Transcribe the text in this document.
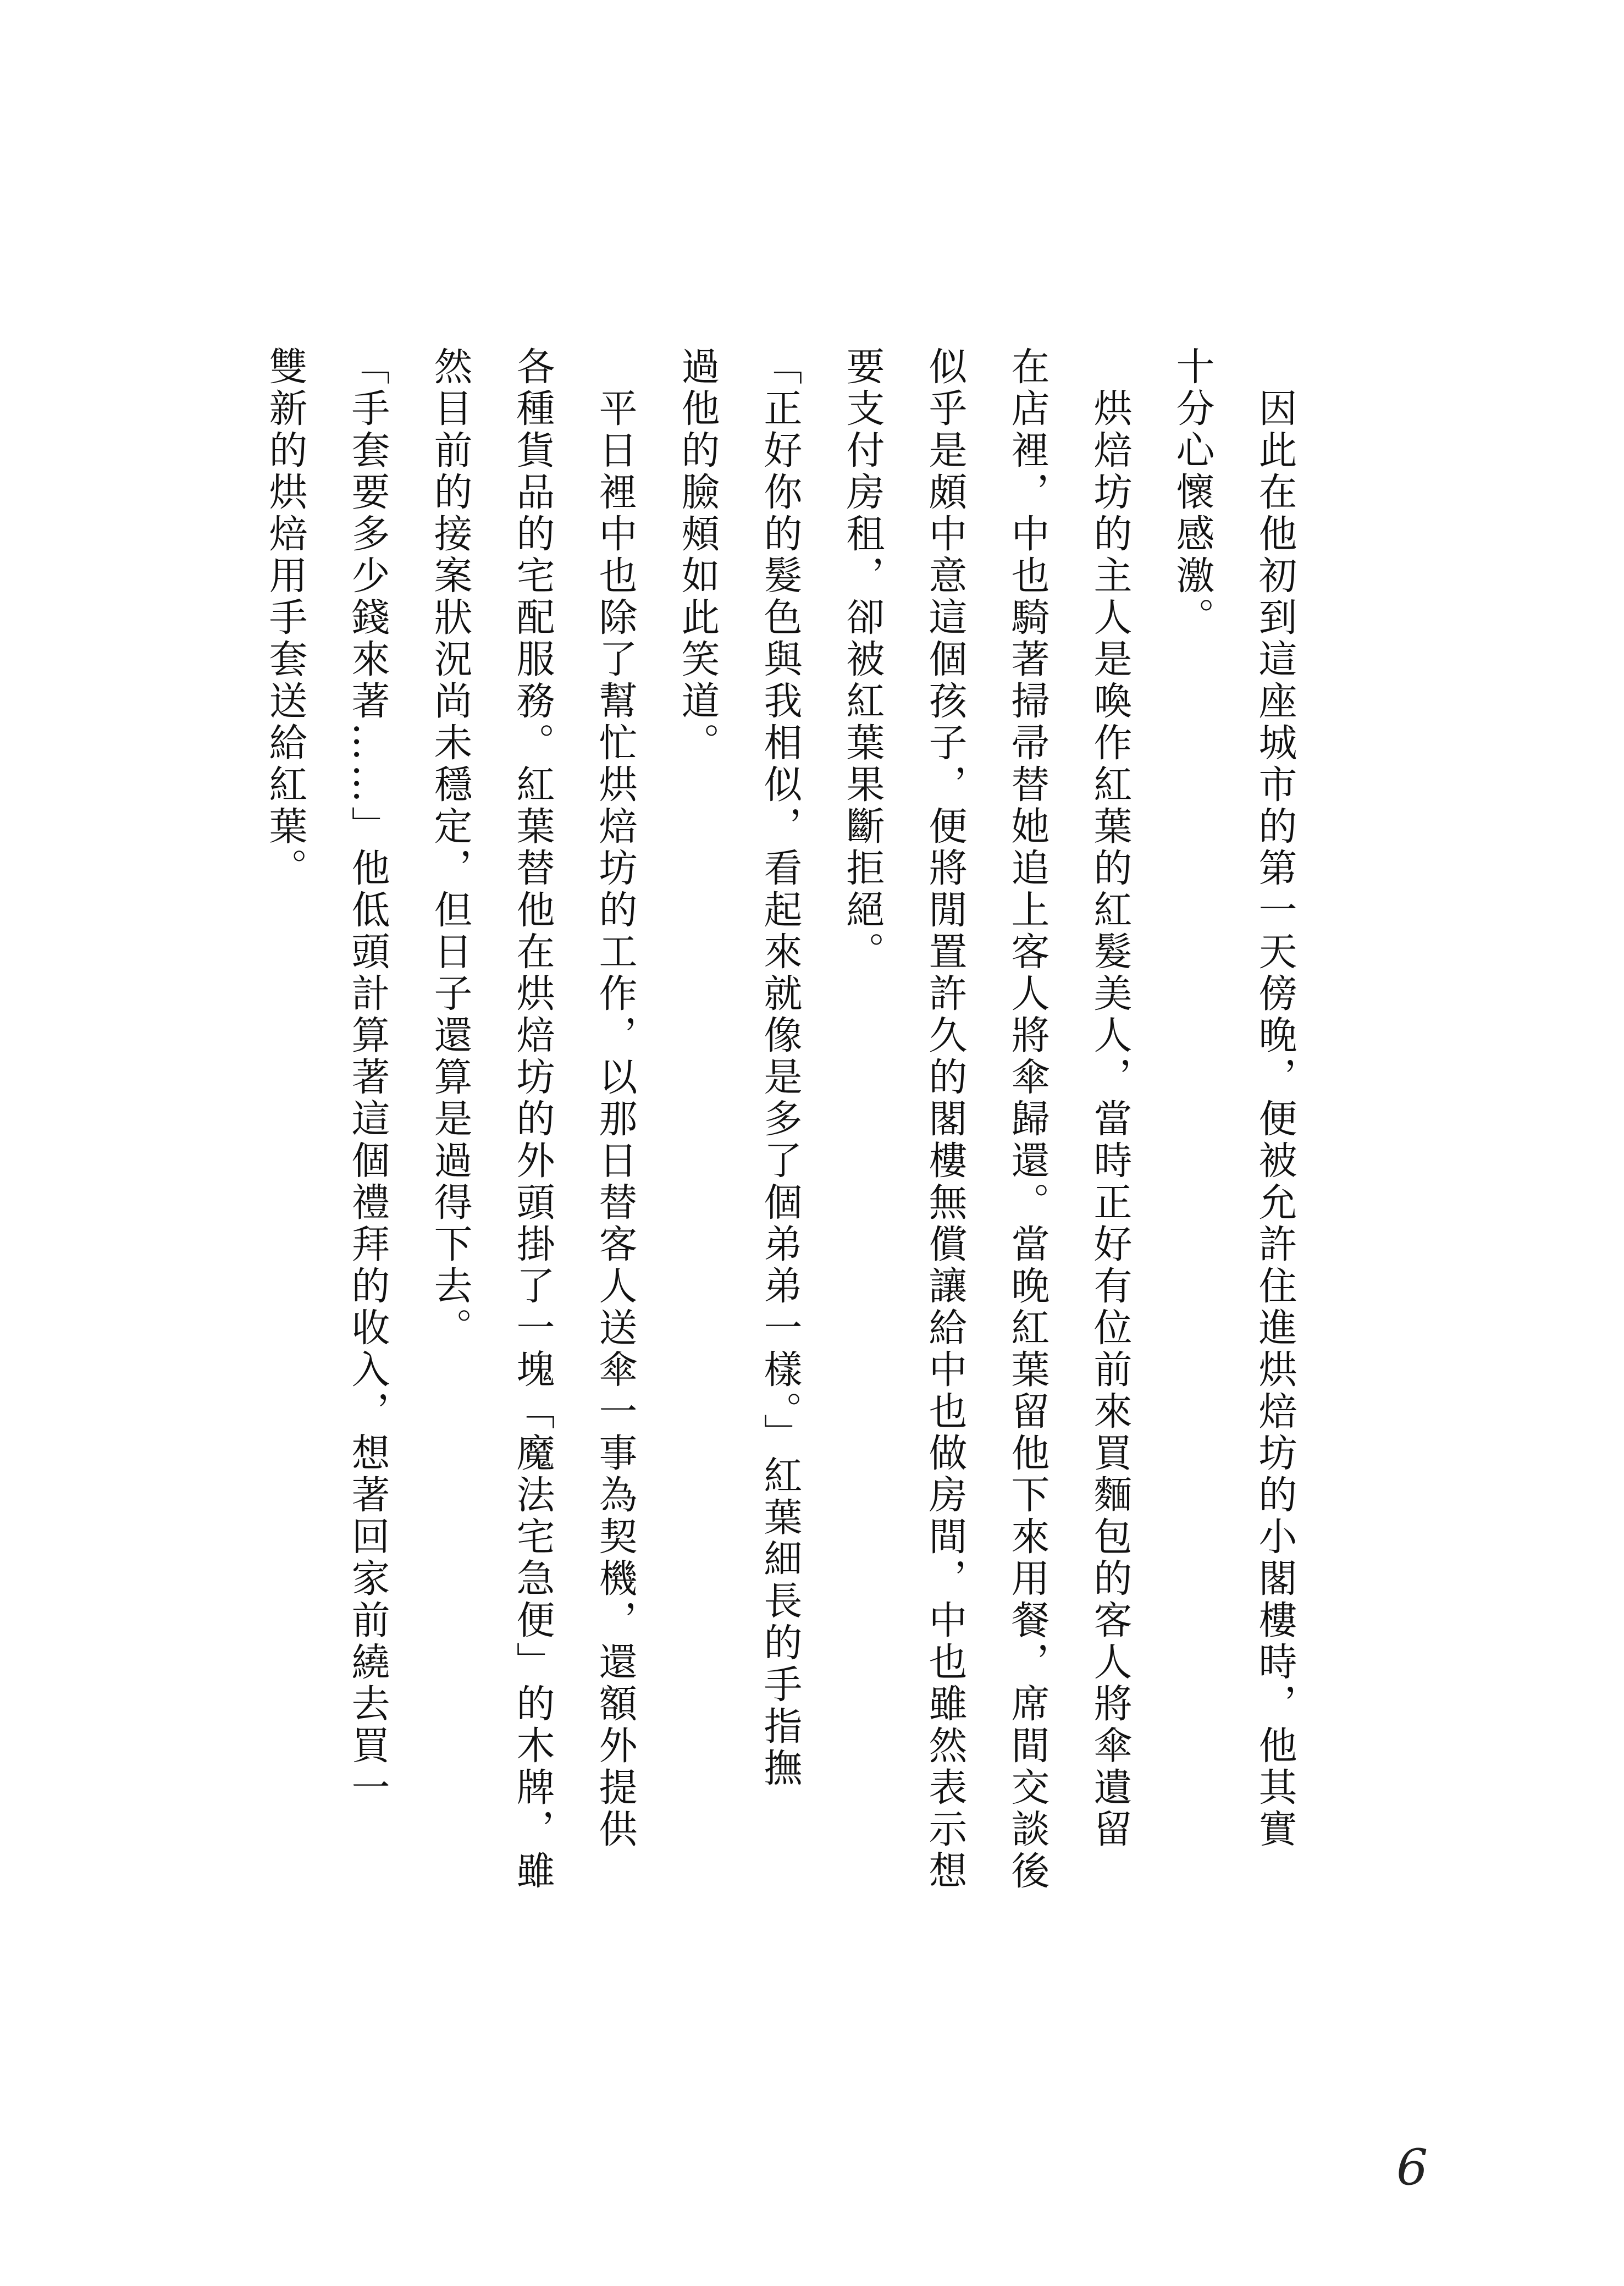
　因此在他初到這座城市的第一天傍晚，便被允許住進烘焙坊的小閣樓時，他其實
十分心懷感激。
　烘焙坊的主人是喚作紅葉的紅髮美人，當時正好有位前來買麵包的客人將傘遺留
在店裡，中也騎著掃帚替她追上客人將傘歸還。當晚紅葉留他下來用餐，席間交談後
似乎是頗中意這個孩子，便將閒置許久的閣樓無償讓給中也做房間，中也雖然表示想
要支付房租，卻被紅葉果斷拒絕。
「正好你的髮色與我相似，看起來就像是多了個弟弟一樣。」紅葉細長的手指撫
過他的臉頰如此笑道。
　平日裡中也除了幫忙烘焙坊的工作，以那日替客人送傘一事為契機，還額外提供
各種貨品的宅配服務。紅葉替他在烘焙坊的外頭掛了一塊「魔法宅急便」的木牌，雖
然目前的接案狀況尚未穩定，但日子還算是過得下去。
「手套要多少錢來著……」他低頭計算著這個禮拜的收入，想著回家前繞去買一
雙新的烘焙用手套送給紅葉。
6
